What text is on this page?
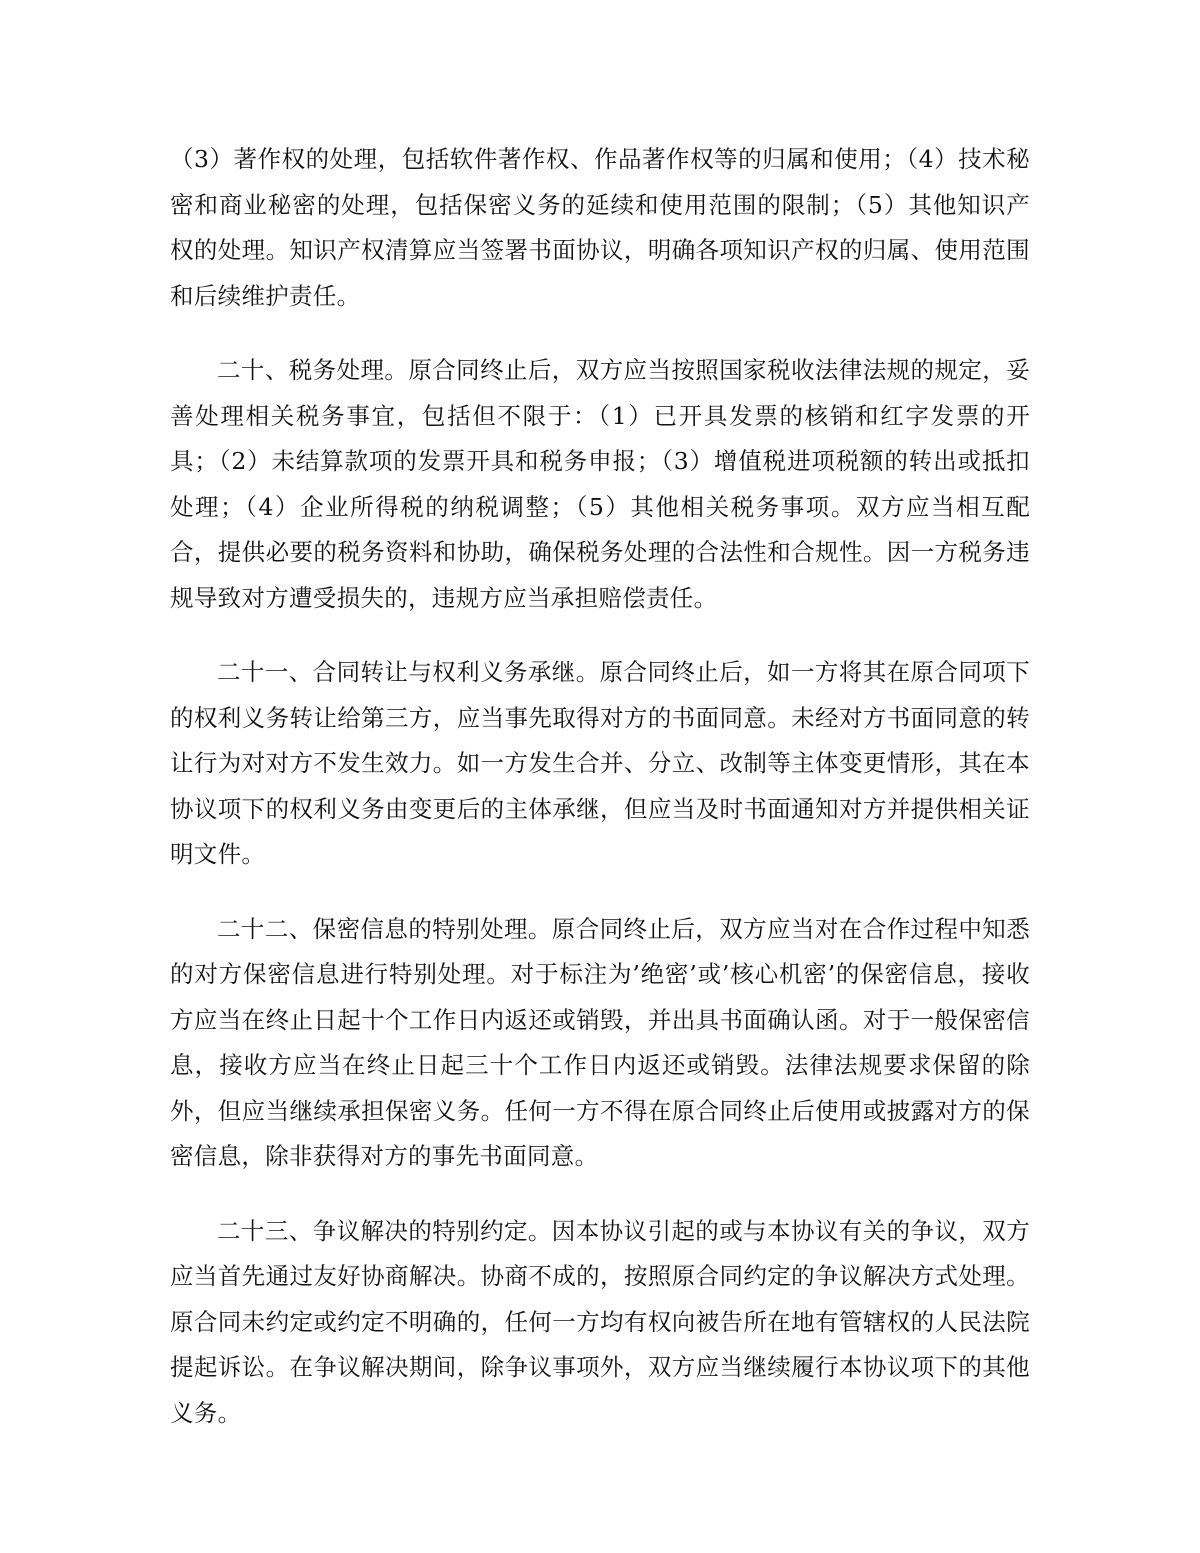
（3）著作权的处理，包括软件著作权、作品著作权等的归属和使用；（4）技术秘密和商业秘密的处理，包括保密义务的延续和使用范围的限制；（5）其他知识产权的处理。知识产权清算应当签署书面协议，明确各项知识产权的归属、使用范围和后续维护责任。

二十、税务处理。原合同终止后，双方应当按照国家税收法律法规的规定，妥善处理相关税务事宜，包括但不限于：（1）已开具发票的核销和红字发票的开具；（2）未结算款项的发票开具和税务申报；（3）增值税进项税额的转出或抵扣处理；（4）企业所得税的纳税调整；（5）其他相关税务事项。双方应当相互配合，提供必要的税务资料和协助，确保税务处理的合法性和合规性。因一方税务违规导致对方遭受损失的，违规方应当承担赔偿责任。

二十一、合同转让与权利义务承继。原合同终止后，如一方将其在原合同项下的权利义务转让给第三方，应当事先取得对方的书面同意。未经对方书面同意的转让行为对对方不发生效力。如一方发生合并、分立、改制等主体变更情形，其在本协议项下的权利义务由变更后的主体承继，但应当及时书面通知对方并提供相关证明文件。

二十二、保密信息的特别处理。原合同终止后，双方应当对在合作过程中知悉的对方保密信息进行特别处理。对于标注为’绝密’或’核心机密’的保密信息，接收方应当在终止日起十个工作日内返还或销毁，并出具书面确认函。对于一般保密信息，接收方应当在终止日起三十个工作日内返还或销毁。法律法规要求保留的除外，但应当继续承担保密义务。任何一方不得在原合同终止后使用或披露对方的保密信息，除非获得对方的事先书面同意。

二十三、争议解决的特别约定。因本协议引起的或与本协议有关的争议，双方应当首先通过友好协商解决。协商不成的，按照原合同约定的争议解决方式处理。原合同未约定或约定不明确的，任何一方均有权向被告所在地有管辖权的人民法院提起诉讼。在争议解决期间，除争议事项外，双方应当继续履行本协议项下的其他义务。
